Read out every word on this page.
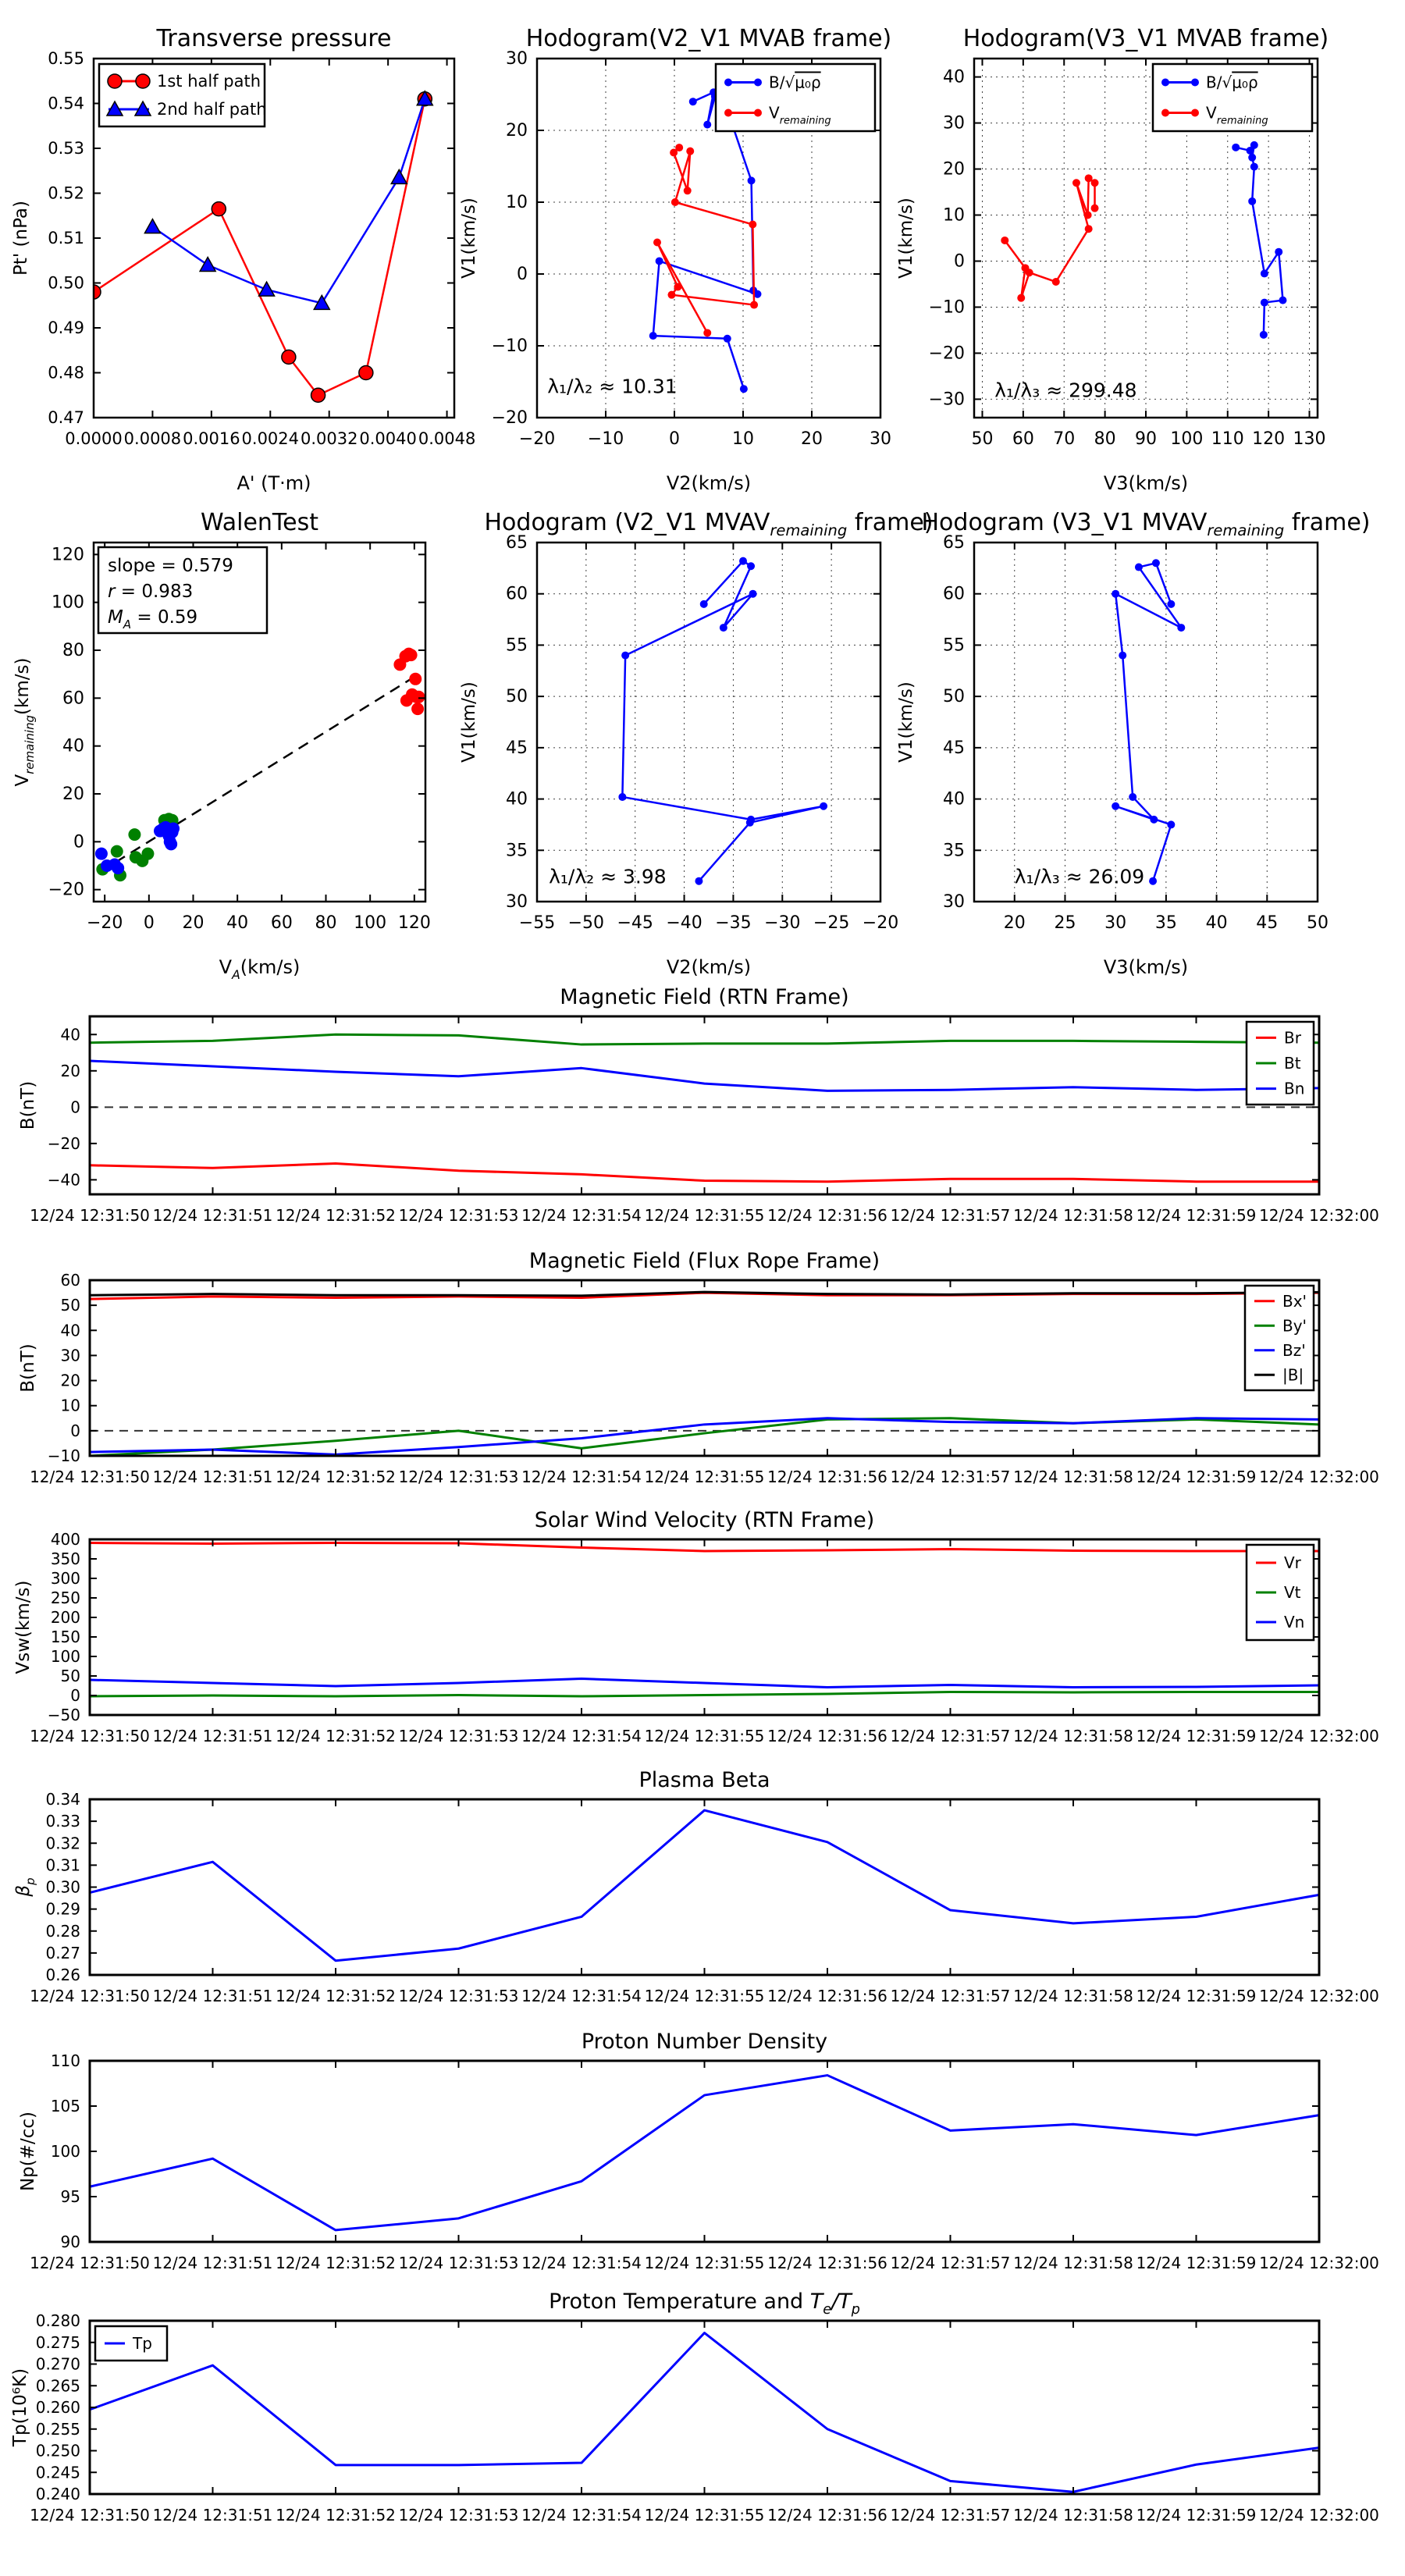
0.0000 0.0008 0.0016 0.0024 0.0032 0.0040 0.0048
0.47
0.48
0.49
0.50
0.51
0.52
0.53
0.54
0.55
Transverse pressure
A' (T·m)
Pt' (nPa)
1st half path
2nd half path
−20 −10	0	10	20	30
−20
−10
0
10
20
30
Hodogram(V2_V1 MVAB frame)
V2(km/s)
V1(km/s)
λ₁/λ₂ ≈ 10.31
B/√μ₀ρ
$V_{remaining}$
50 60 70 80 90 100 110 120 130
−30
−20
−10
0
10
20
30
40
Hodogram(V3_V1 MVAB frame)
V3(km/s)
V1(km/s)
λ₁/λ₃ ≈ 299.48
B/√μ₀ρ
$V_{remaining}$
−20 0 20 40 60 80 100 120
−20
0
20
40
60
80
100
120
WalenTest
$V_A(km/s)$
$V_{remaining}(km/s)$
slope = 0.579
r = 0.983
$M_A = 0.59$
−55 −50 −45 −40 −35 −30 −25 −20
30
35
40
45
50
55
60
65
Hodogram (V2_V1 $MVAV_{remaining}$ frame)
V2(km/s)
V1(km/s)
λ₁/λ₂ ≈ 3.98
20 25 30 35 40 45 50
30
35
40
45
50
55
60
65
Hodogram (V3_V1 $MVAV_{remaining}$ frame)
V3(km/s)
V1(km/s)
λ₁/λ₃ ≈ 26.09
12/24 12:31:50 12/24 12:31:51 12/24 12:31:52 12/24 12:31:53 12/24 12:31:54 12/24 12:31:55 12/24 12:31:56 12/24 12:31:57 12/24 12:31:58 12/24 12:31:59 12/24 12:32:00
−40
−20
0
20
40
Magnetic Field (RTN Frame)
B(nT)
Br
Bt
Bn
12/24 12:31:50 12/24 12:31:51 12/24 12:31:52 12/24 12:31:53 12/24 12:31:54 12/24 12:31:55 12/24 12:31:56 12/24 12:31:57 12/24 12:31:58 12/24 12:31:59 12/24 12:32:00
−10
0
10
20
30
40
50
60
Magnetic Field (Flux Rope Frame)
B(nT)
Bx'
By'
Bz'
|B|
12/24 12:31:50 12/24 12:31:51 12/24 12:31:52 12/24 12:31:53 12/24 12:31:54 12/24 12:31:55 12/24 12:31:56 12/24 12:31:57 12/24 12:31:58 12/24 12:31:59 12/24 12:32:00
−50
0
50
100
150
200
250
300
350
400
Solar Wind Velocity (RTN Frame)
Vsw(km/s)
Vr
Vt
Vn
12/24 12:31:50 12/24 12:31:51 12/24 12:31:52 12/24 12:31:53 12/24 12:31:54 12/24 12:31:55 12/24 12:31:56 12/24 12:31:57 12/24 12:31:58 12/24 12:31:59 12/24 12:32:00
0.26
0.27
0.28
0.29
0.30
0.31
0.32
0.33
0.34
Plasma Beta
$\beta_p$
12/24 12:31:50 12/24 12:31:51 12/24 12:31:52 12/24 12:31:53 12/24 12:31:54 12/24 12:31:55 12/24 12:31:56 12/24 12:31:57 12/24 12:31:58 12/24 12:31:59 12/24 12:32:00
90
95
100
105
110
Proton Number Density
Np(#/cc)
12/24 12:31:50 12/24 12:31:51 12/24 12:31:52 12/24 12:31:53 12/24 12:31:54 12/24 12:31:55 12/24 12:31:56 12/24 12:31:57 12/24 12:31:58 12/24 12:31:59 12/24 12:32:00
0.240
0.245
0.250
0.255
0.260
0.265
0.270
0.275
0.280
Proton Temperature and $T_e/T_p$
Tp(10⁶K)
Tp
